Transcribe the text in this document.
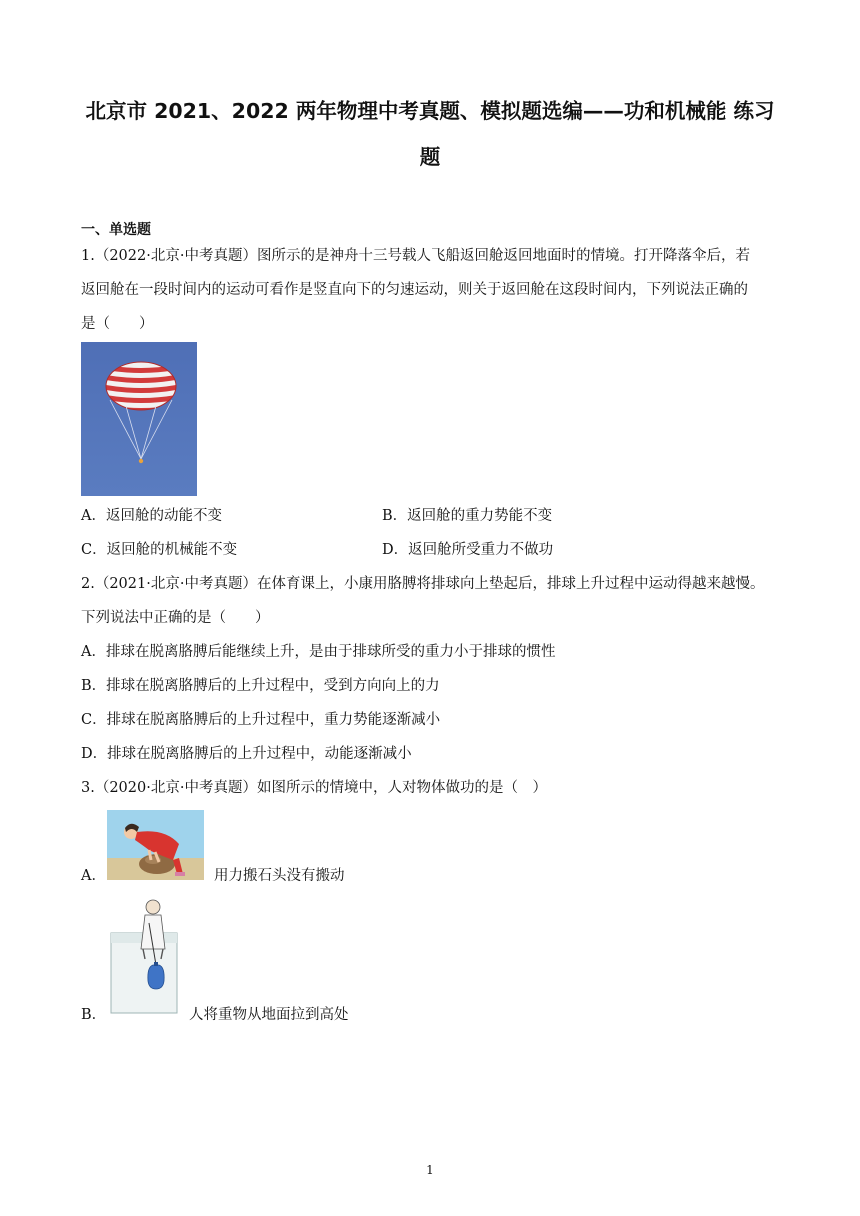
北京市 2021、2022 两年物理中考真题、模拟题选编——功和机械能 练习
题
一、单选题
1.（2022·北京·中考真题）图所示的是神舟十三号载人飞船返回舱返回地面时的情境。打开降落伞后，若
返回舱在一段时间内的运动可看作是竖直向下的匀速运动，则关于返回舱在这段时间内，下列说法正确的
是（　　）
A．返回舱的动能不变	B．返回舱的重力势能不变
C．返回舱的机械能不变	D．返回舱所受重力不做功
2.（2021·北京·中考真题）在体育课上，小康用胳膊将排球向上垫起后，排球上升过程中运动得越来越慢。
下列说法中正确的是（　　）
A．排球在脱离胳膊后能继续上升，是由于排球所受的重力小于排球的惯性
B．排球在脱离胳膊后的上升过程中，受到方向向上的力
C．排球在脱离胳膊后的上升过程中，重力势能逐渐减小
D．排球在脱离胳膊后的上升过程中，动能逐渐减小
3.（2020·北京·中考真题）如图所示的情境中，人对物体做功的是（　）
A．	用力搬石头没有搬动
B．	人将重物从地面拉到高处
1
